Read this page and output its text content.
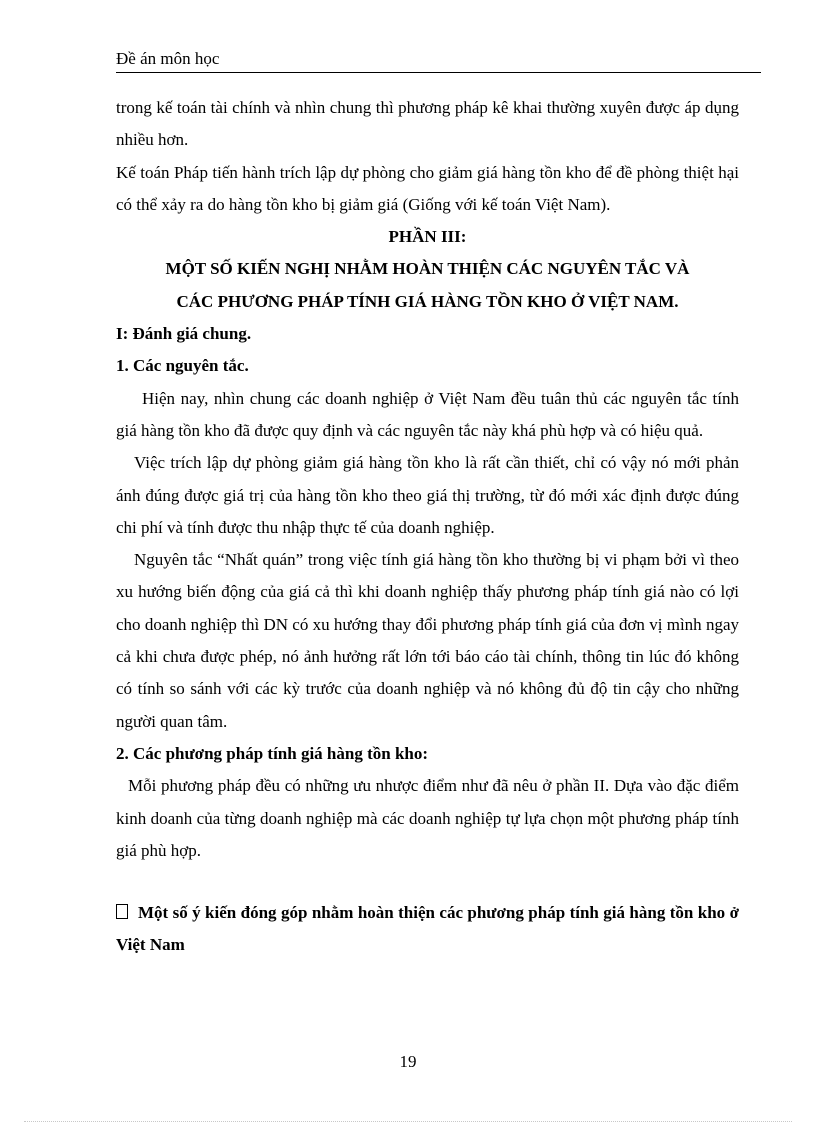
Đề án môn học

trong kế toán tài chính và nhìn chung thì phương pháp kê khai thường xuyên được áp dụng nhiều hơn.

Kế toán Pháp tiến hành trích lập dự phòng cho giảm giá hàng tồn kho để đề phòng thiệt hại có thể xảy ra do hàng tồn kho bị giảm giá (Giống với kế toán Việt Nam).

PHẦN III:

MỘT SỐ KIẾN NGHỊ NHẰM HOÀN THIỆN CÁC NGUYÊN TẮC VÀ

CÁC PHƯƠNG PHÁP TÍNH GIÁ HÀNG TỒN KHO Ở VIỆT NAM.

I: Đánh giá chung.

1. Các nguyên tắc.

Hiện nay, nhìn chung các doanh nghiệp ở Việt Nam đều tuân thủ các nguyên tắc tính giá hàng tồn kho đã được quy định và các nguyên tắc này khá phù hợp và có hiệu quả.

Việc trích lập dự phòng giảm giá hàng tồn kho là rất cần thiết, chỉ có vậy nó mới phản ánh đúng được giá trị của hàng tồn kho theo giá thị trường, từ đó mới xác định được đúng chi phí và tính được thu nhập thực tế của doanh nghiệp.

Nguyên tắc “Nhất quán” trong việc tính giá hàng tồn kho thường bị vi phạm bởi vì theo xu hướng biến động của giá cả thì khi doanh nghiệp thấy phương pháp tính giá nào có lợi cho doanh nghiệp thì DN có xu hướng thay đổi phương pháp tính giá của đơn vị mình ngay cả khi chưa được phép, nó ảnh hưởng rất lớn tới báo cáo tài chính, thông tin lúc đó không có tính so sánh với các kỳ trước của doanh nghiệp và nó không đủ độ tin cậy cho những người quan tâm.

2. Các phương pháp tính giá hàng tồn kho:

Mỗi phương pháp đều có những ưu nhược điểm như đã nêu ở phần II. Dựa vào đặc điểm kinh doanh của từng doanh nghiệp mà các doanh nghiệp tự lựa chọn một phương pháp tính giá phù hợp.

Một số ý kiến đóng góp nhằm hoàn thiện các phương pháp tính giá hàng tồn kho ở Việt Nam

19
